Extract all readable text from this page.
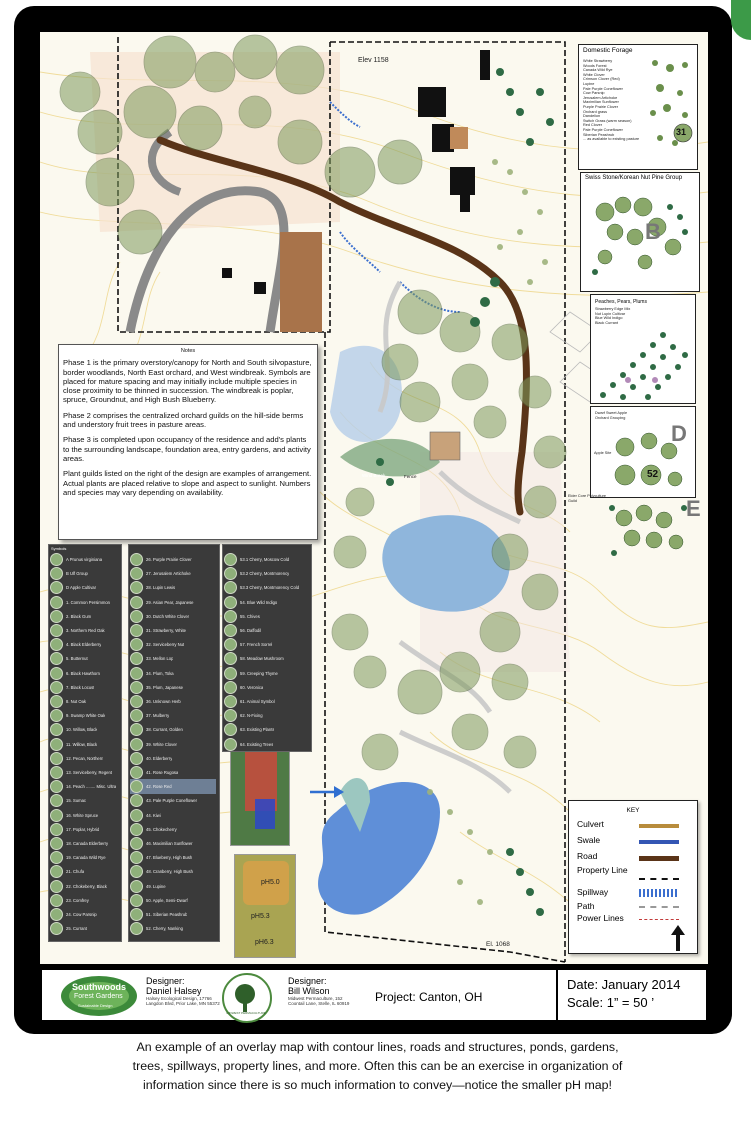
Elev 1158
El. 1068
Fence
Wind Break
Domestic Forage
White Strawberry
Woods Forest
Canada Wild Rye
White Clover
Crimson Clover (Red)
Lupine
Pale Purple Coneflower
Cow Parsnip
Jerusalem Artichoke
Maximilian Sunflower
Purple Prairie Clover
Orchard grass
Dandelion
Switch Grass (warm season)
Red Clover
Pale Purple Coneflower
Siberian Peashrub
... as available to existing pasture
31
Swiss Stone/Korean Nut Pine Group
B
Peaches, Pears, Plums
Strawberry Edge Mix
Nut Lupin Cultivar
Blue Wild Indigo
Black Currant
Dwarf Sweet Apple Orchard Grouping
52
Apple Site
D
Elder Core Polyculture Guild	E
pH5.0
pH5.3
pH6.3
Symbols
KEY
Culvert
Swale
Road
Property Line
Spillway
Path
Power Lines
Notes

Phase 1 is the primary overstory/canopy for North and South silvopasture, border woodlands, North East orchard, and West windbreak. Symbols are placed for mature spacing and may initially include multiple species in close proximity to be thinned in succession. The windbreak is poplar, spruce, Groundnut, and High Bush Blueberry.

Phase 2 comprises the centralized orchard guilds on the hill-side berms and understory fruit trees in pasture areas.

Phase 3 is completed upon occupancy of the residence and add's plants to the surrounding landscape, foundation area, entry gardens, and activity areas.

Plant guilds listed on the right of the design are examples of arrangement. Actual plants are placed relative to slope and aspect to sunlight. Numbers and species may vary depending on availability.

A Prunus virginiana
B Ulf Group
D Apple Cultivar
1. Common Persimmon
2. Black Gum
3. Northern Red Oak
4. Black Elderberry
5. Butternut
6. Black Hawthorn
7. Black Locust
8. Nut Oak
9. Swamp White Oak
10. Willow, Black
11. Willow, Black
12. Pecan, Northern
13. Serviceberry, Regent
14. Peach ........ Misc. Ultra
15. Sumac
16. White Spruce
17. Poplar, Hybrid
18. Canada Elderberry
19. Canada Wild Rye
21. Chufa
22. Chokeberry, Black
23. Comfrey
24. Cow Parsnip
25. Currant
26. Purple Prairie Clover
27. Jerusalem Artichoke
28. Lupin Lewis
29. Asian Pear, Japanese
30. Dutch White Clover
31. Strawberry, White
32. Serviceberry Nut
33. Mellon Lop
34. Plum, Toka
35. Plum, Japanese
36. Unknown Herb
37. Mulberry
38. Currant, Golden
39. White Clover
40. Elderberry
41. Rose Rugosa
42. Rose Red
43. Pale Purple Coneflower
44. Kiwi
45. Chokecherry
46. Maximilian Sunflower
47. Blueberry, High Bush
48. Cranberry, High Bush
49. Lupine
50. Apple, Semi-Dwarf
51. Siberian Peashrub
52. Cherry, Nanking
53.1 Cherry, Moscow Cold
53.2 Cherry, Montmorency
53.3 Cherry, Montmorency Cold
54. Blue Wild Indigo
55. Chives
56. Daffodil
57. French Sorrel
58. Meadow Mushroom
59. Creeping Thyme
60. Veronica
61. Animal Symbol
62. N-Fixing
63. Existing Plants
64. Existing Trees
Southwoods
Forest Gardens
Sustainable Design
Designer:
Daniel Halsey
Halsey Ecological Design, 17766 Langdon Blvd, Prior Lake, MN 55372
MIDWEST PERMACULTURE
Designer:
Bill Wilson
Midwest Permaculture, 152 Coontail Lane, Stelle, IL 60919	Project: Canton, OH
Date: January 2014
Scale: 1” = 50 ’
An example of an overlay map with contour lines, roads and structures, ponds, gardens,
trees, spillways, property lines, and more. Often this can be an exercise in organization of
information since there is so much information to convey—notice the smaller pH map!
